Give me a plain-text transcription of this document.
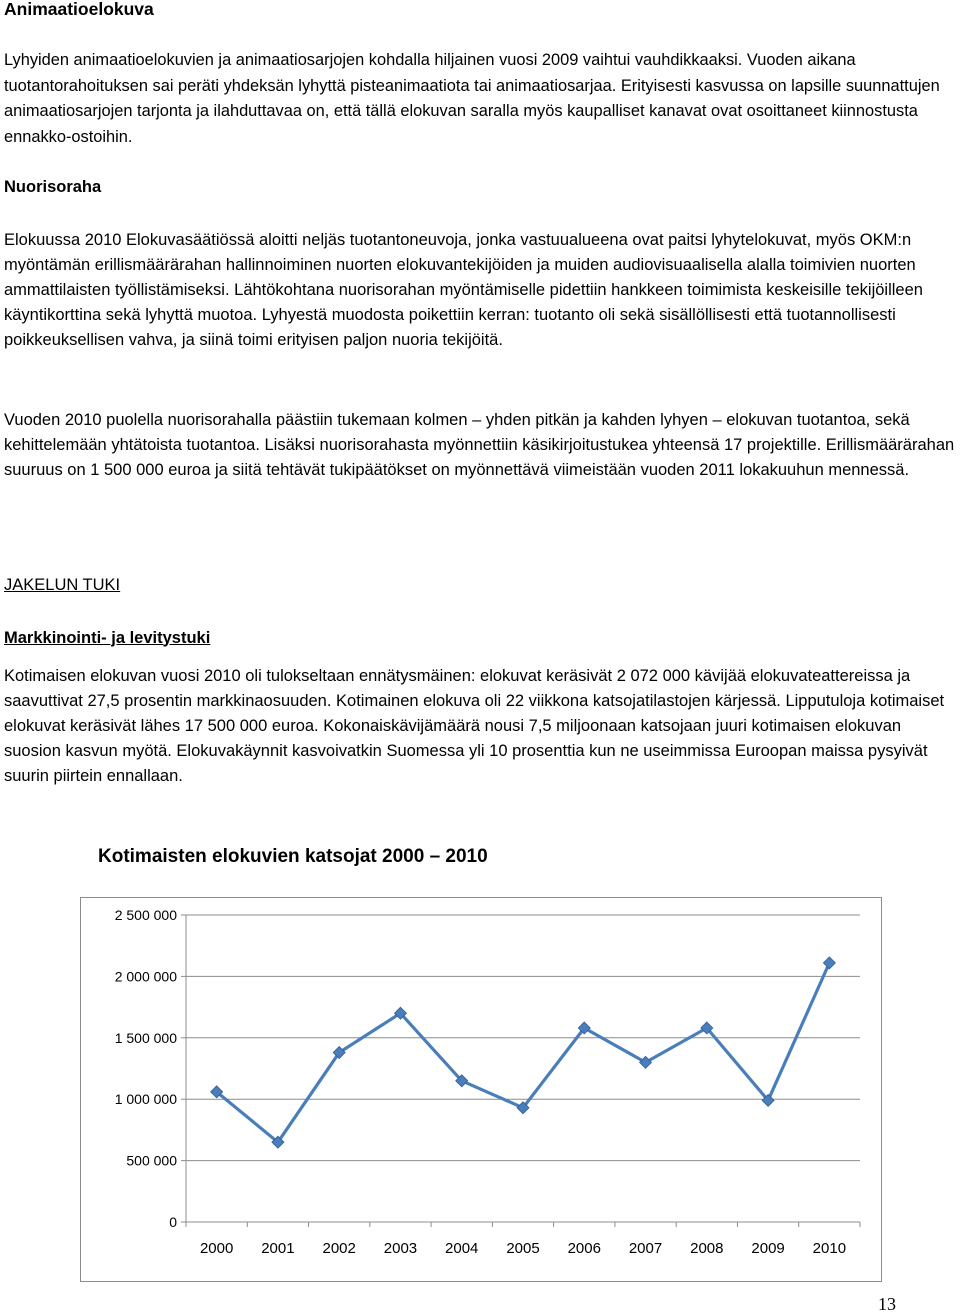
Animaatioelokuva

Lyhyiden animaatioelokuvien ja animaatiosarjojen kohdalla hiljainen vuosi 2009 vaihtui vauhdikkaaksi. Vuoden aikana tuotantorahoituksen sai peräti yhdeksän lyhyttä pisteanimaatiota tai animaatiosarjaa. Erityisesti kasvussa on lapsille suunnattujen animaatiosarjojen tarjonta ja ilahduttavaa on, että tällä elokuvan saralla myös kaupalliset kanavat ovat osoittaneet kiinnostusta ennakko-ostoihin.

Nuorisoraha

Elokuussa 2010 Elokuvasäätiössä aloitti neljäs tuotantoneuvoja, jonka vastuualueena ovat paitsi lyhytelokuvat, myös OKM:n myöntämän erillismäärärahan hallinnoiminen nuorten elokuvantekijöiden ja muiden audiovisuaalisella alalla toimivien nuorten ammattilaisten työllistämiseksi. Lähtökohtana nuorisorahan myöntämiselle pidettiin hankkeen toimimista keskeisille tekijöilleen käyntikorttina sekä lyhyttä muotoa. Lyhyestä muodosta poikettiin kerran: tuotanto oli sekä sisällöllisesti että tuotannollisesti poikkeuksellisen vahva, ja siinä toimi erityisen paljon nuoria tekijöitä.

Vuoden 2010 puolella nuorisorahalla päästiin tukemaan kolmen – yhden pitkän ja kahden lyhyen – elokuvan tuotantoa, sekä kehittelemään yhtätoista tuotantoa. Lisäksi nuorisorahasta myönnettiin käsikirjoitustukea yhteensä 17 projektille. Erillismäärärahan suuruus on 1 500 000 euroa ja siitä tehtävät tukipäätökset on myönnettävä viimeistään vuoden 2011 lokakuuhun mennessä.

JAKELUN TUKI
Markkinointi- ja levitystuki

Kotimaisen elokuvan vuosi 2010 oli tulokseltaan ennätysmäinen: elokuvat keräsivät 2 072 000 kävijää elokuvateattereissa ja saavuttivat 27,5 prosentin markkinaosuuden. Kotimainen elokuva oli 22 viikkona katsojatilastojen kärjessä. Lipputuloja kotimaiset elokuvat keräsivät lähes 17 500 000 euroa. Kokonaiskävijämäärä nousi 7,5 miljoonaan katsojaan juuri kotimaisen elokuvan suosion kasvun myötä. Elokuvakäynnit kasvoivatkin Suomessa yli 10 prosenttia kun ne useimmissa Euroopan maissa pysyivät suurin piirtein ennallaan.

Kotimaisten elokuvien katsojat 2000 – 2010
0
500 000
1 000 000
1 500 000
2 000 000
2 500 000
2000 2001 2002 2003 2004 2005 2006 2007 2008 2009 2010
13
